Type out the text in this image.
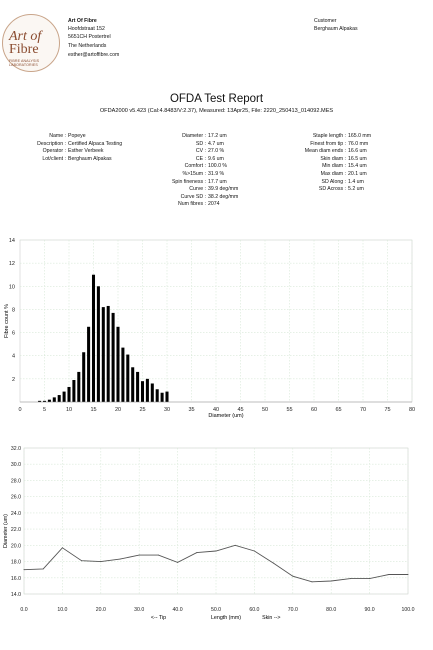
Art of
Fibre
FIBRE ANALYSIS
LABORATORIES
Art Of Fibre
Hoofdstraat 152
5651CH Postertrel
The Netherlands
esther@artoffibre.com
Customer
Berghaum Alpakas
OFDA Test Report
OFDA2000 v5.423 (Cal:4.8483/V:2.37), Measured: 13Apr25, File: 2220_250413_014092.MES
Name : Popeye
Description : Certified Alpaca Testing
Operator : Esther Verbeek
Lot/client : Berghaum Alpakas
Diameter : 17.2 um
SD : 4.7 um
CV : 27.0 %
CE : 9.6 um
Comfort : 100.0 %
%>15um : 31.9 %
Spin fineness : 17.7 um
Curve : 39.9 deg/mm
Curve SD : 38.2 deg/mm
Num fibres : 2074
Staple length : 165.0 mm
Finest from tip : 76.0 mm
Mean diam ends : 16.6 um
Skin diam : 16.5 um
Min diam : 15.4 um
Max diam : 20.1 um
SD Along : 1.4 um
SD Across : 5.2 um
2
4
6
8
10
12
14
0	5	10	15	20	25	30	35	40	45	50	55	60	65	70	75	80
Diameter (um)
Fibre count %
14.0
16.0
18.0
20.0
22.0
24.0
26.0
28.0
30.0
32.0
0.0	10.0	20.0	30.0	40.0	50.0	60.0	70.0	80.0	90.0	100.0
Length (mm)
<-- Tip	Skin -->
Diameter (um)
